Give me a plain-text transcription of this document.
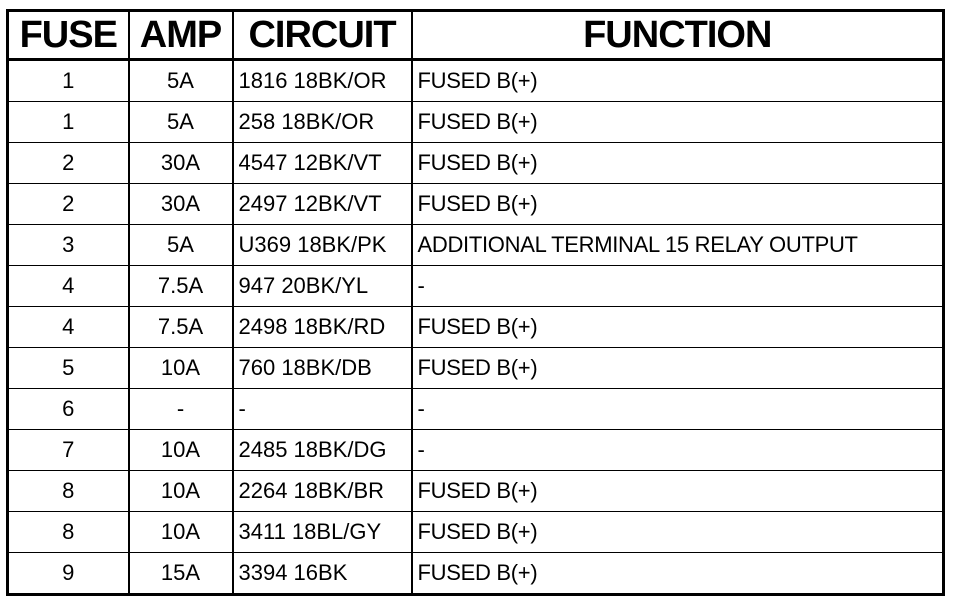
FUSE	AMP	CIRCUIT	FUNCTION
1	5A	1816 18BK/OR	FUSED B(+)
1	5A	258 18BK/OR	FUSED B(+)
2	30A	4547 12BK/VT	FUSED B(+)
2	30A	2497 12BK/VT	FUSED B(+)
3	5A	U369 18BK/PK	ADDITIONAL TERMINAL 15 RELAY OUTPUT
4	7.5A	947 20BK/YL	-
4	7.5A	2498 18BK/RD	FUSED B(+)
5	10A	760 18BK/DB	FUSED B(+)
6	-	-	-
7	10A	2485 18BK/DG	-
8	10A	2264 18BK/BR	FUSED B(+)
8	10A	3411 18BL/GY	FUSED B(+)
9	15A	3394 16BK	FUSED B(+)
